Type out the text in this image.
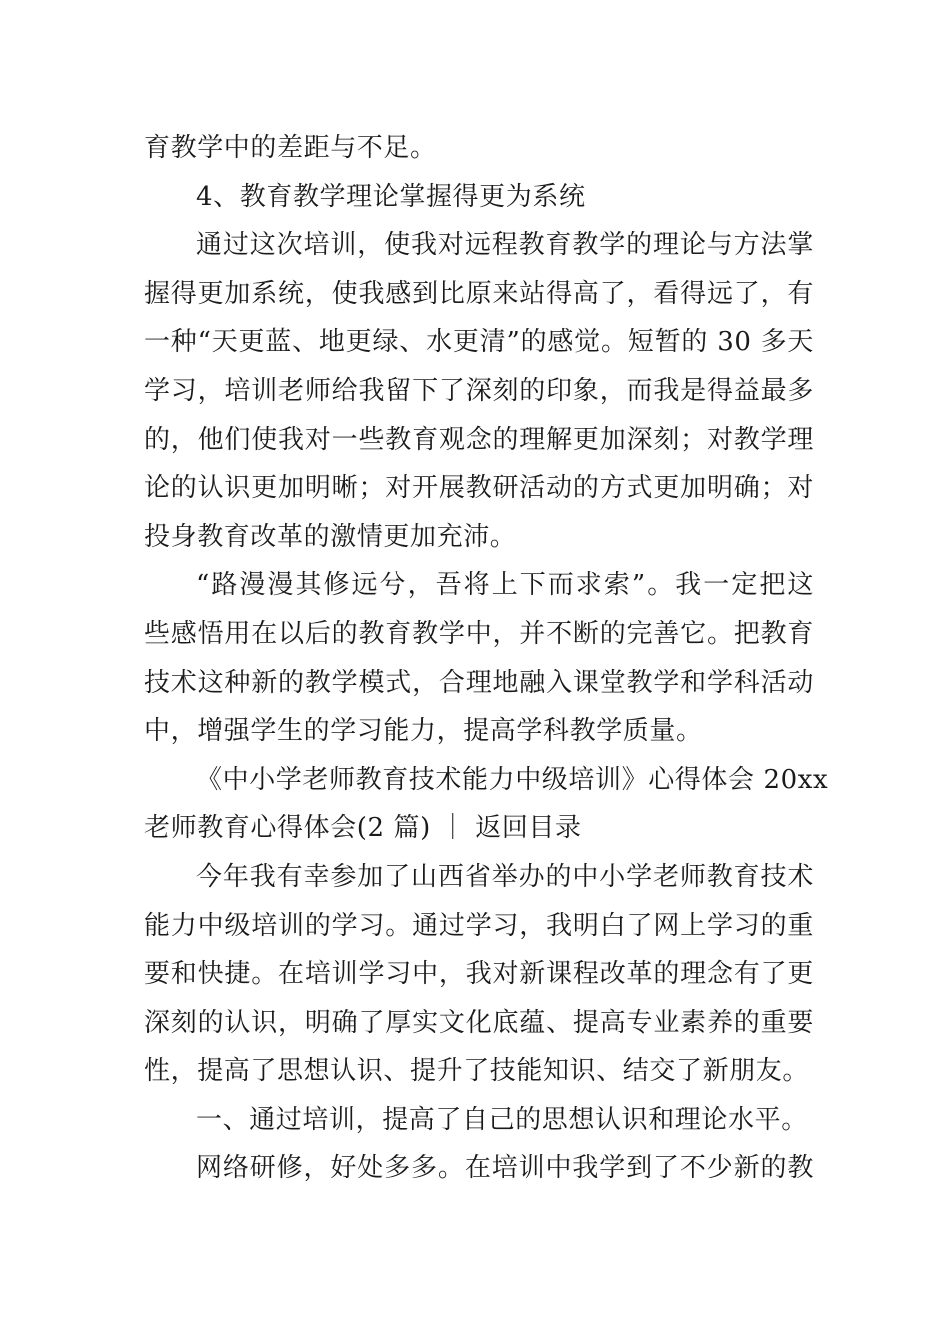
育教学中的差距与不足。
4、教育教学理论掌握得更为系统
通过这次培训，使我对远程教育教学的理论与方法掌
握得更加系统，使我感到比原来站得高了，看得远了，有
一种“天更蓝、地更绿、水更清”的感觉。短暂的 30 多天
学习，培训老师给我留下了深刻的印象，而我是得益最多
的，他们使我对一些教育观念的理解更加深刻；对教学理
论的认识更加明晰；对开展教研活动的方式更加明确；对
投身教育改革的激情更加充沛。
“路漫漫其修远兮，吾将上下而求索”。我一定把这
些感悟用在以后的教育教学中，并不断的完善它。把教育
技术这种新的教学模式，合理地融入课堂教学和学科活动
中，增强学生的学习能力，提高学科教学质量。
《中小学老师教育技术能力中级培训》心得体会 20xx
老师教育心得体会(2 篇) ｜ 返回目录
今年我有幸参加了山西省举办的中小学老师教育技术
能力中级培训的学习。通过学习，我明白了网上学习的重
要和快捷。在培训学习中，我对新课程改革的理念有了更
深刻的认识，明确了厚实文化底蕴、提高专业素养的重要
性，提高了思想认识、提升了技能知识、结交了新朋友。
一、通过培训，提高了自己的思想认识和理论水平。
网络研修，好处多多。在培训中我学到了不少新的教
